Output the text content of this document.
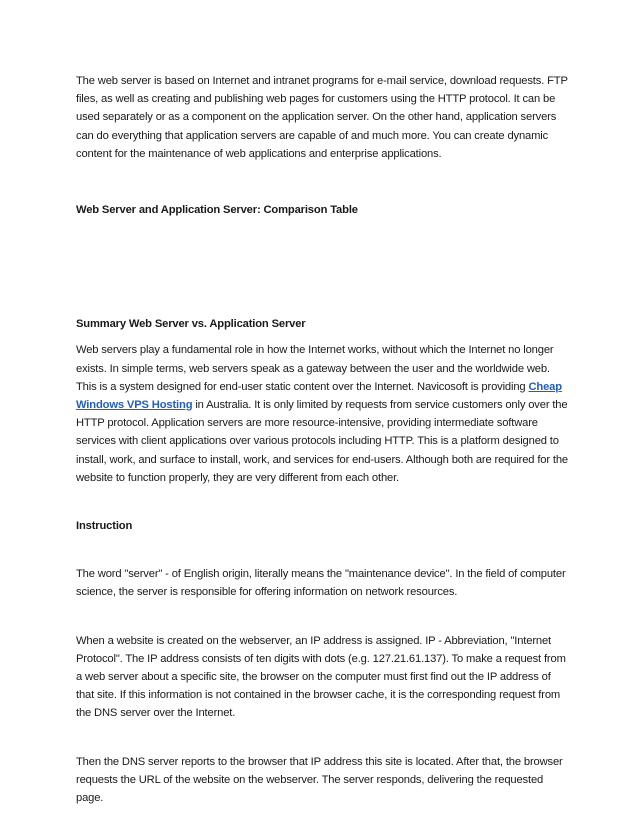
The web server is based on Internet and intranet programs for e-mail service, download requests. FTP files, as well as creating and publishing web pages for customers using the HTTP protocol. It can be used separately or as a component on the application server. On the other hand, application servers can do everything that application servers are capable of and much more. You can create dynamic content for the maintenance of web applications and enterprise applications.

Web Server and Application Server: Comparison Table

Summary Web Server vs. Application Server

Web servers play a fundamental role in how the Internet works, without which the Internet no longer exists. In simple terms, web servers speak as a gateway between the user and the worldwide web. This is a system designed for end-user static content over the Internet. Navicosoft is providing Cheap Windows VPS Hosting in Australia. It is only limited by requests from service customers only over the HTTP protocol. Application servers are more resource-intensive, providing intermediate software services with client applications over various protocols including HTTP. This is a platform designed to install, work, and surface to install, work, and services for end-users. Although both are required for the website to function properly, they are very different from each other.

Instruction

The word "server" - of English origin, literally means the "maintenance device". In the field of computer science, the server is responsible for offering information on network resources.

When a website is created on the webserver, an IP address is assigned. IP - Abbreviation, "Internet Protocol". The IP address consists of ten digits with dots (e.g. 127.21.61.137). To make a request from a web server about a specific site, the browser on the computer must first find out the IP address of that site. If this information is not contained in the browser cache, it is the corresponding request from the DNS server over the Internet.

Then the DNS server reports to the browser that IP address this site is located. After that, the browser requests the URL of the website on the webserver. The server responds, delivering the requested page.
